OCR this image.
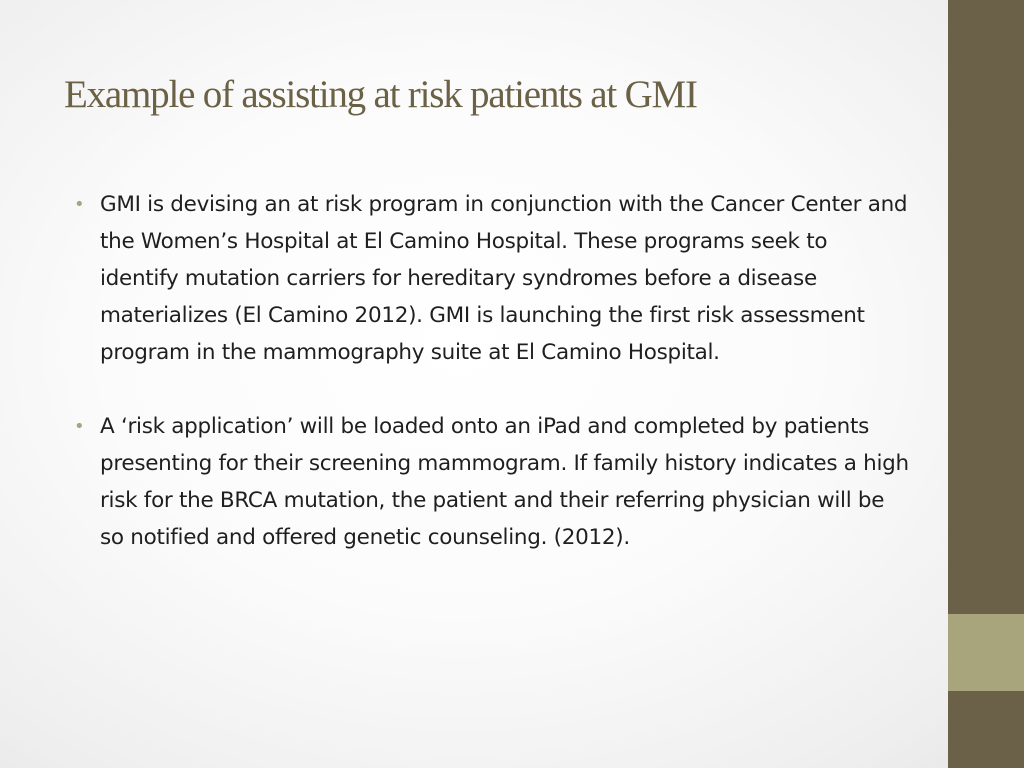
Example of assisting at risk patients at GMI
• GMI is devising an at risk program in conjunction with the Cancer Center and the Women’s Hospital at El Camino Hospital. These programs seek to identify mutation carriers for hereditary syndromes before a disease materializes (El Camino 2012). GMI is launching the first risk assessment program in the mammography suite at El Camino Hospital.
• A ‘risk application’ will be loaded onto an iPad and completed by patients presenting for their screening mammogram. If family history indicates a high risk for the BRCA mutation, the patient and their referring physician will be so notified and offered genetic counseling. (2012).
